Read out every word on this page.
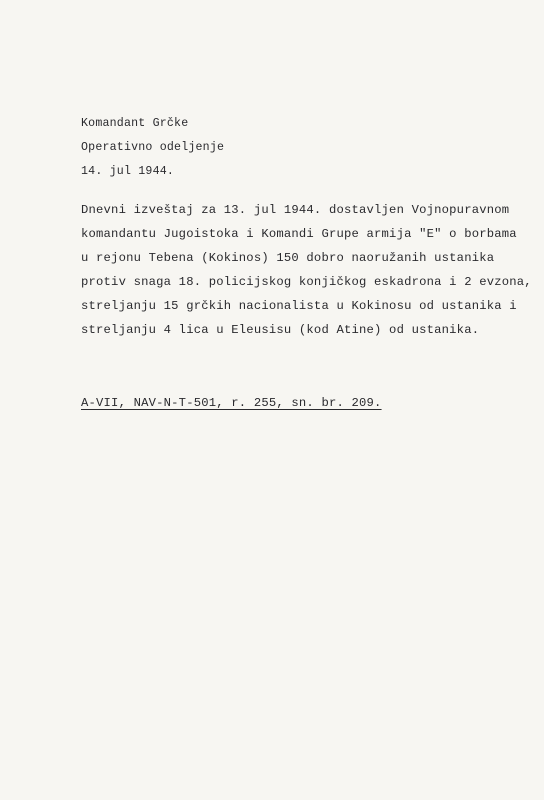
Komandant Grčke
Operativno odeljenje
14. jul 1944.
Dnevni izveštaj za 13. jul 1944. dostavljen Vojnopuravnom
komandantu Jugoistoka i Komandi Grupe armija "E" o borbama
u rejonu Tebena (Kokinos) 150 dobro naoružanih ustanika
protiv snaga 18. policijskog konjičkog eskadrona i 2 evzona,
streljanju 15 grčkih nacionalista u Kokinosu od ustanika i
streljanju 4 lica u Eleusisu (kod Atine) od ustanika.
A-VII, NAV-N-T-501, r. 255, sn. br. 209.
